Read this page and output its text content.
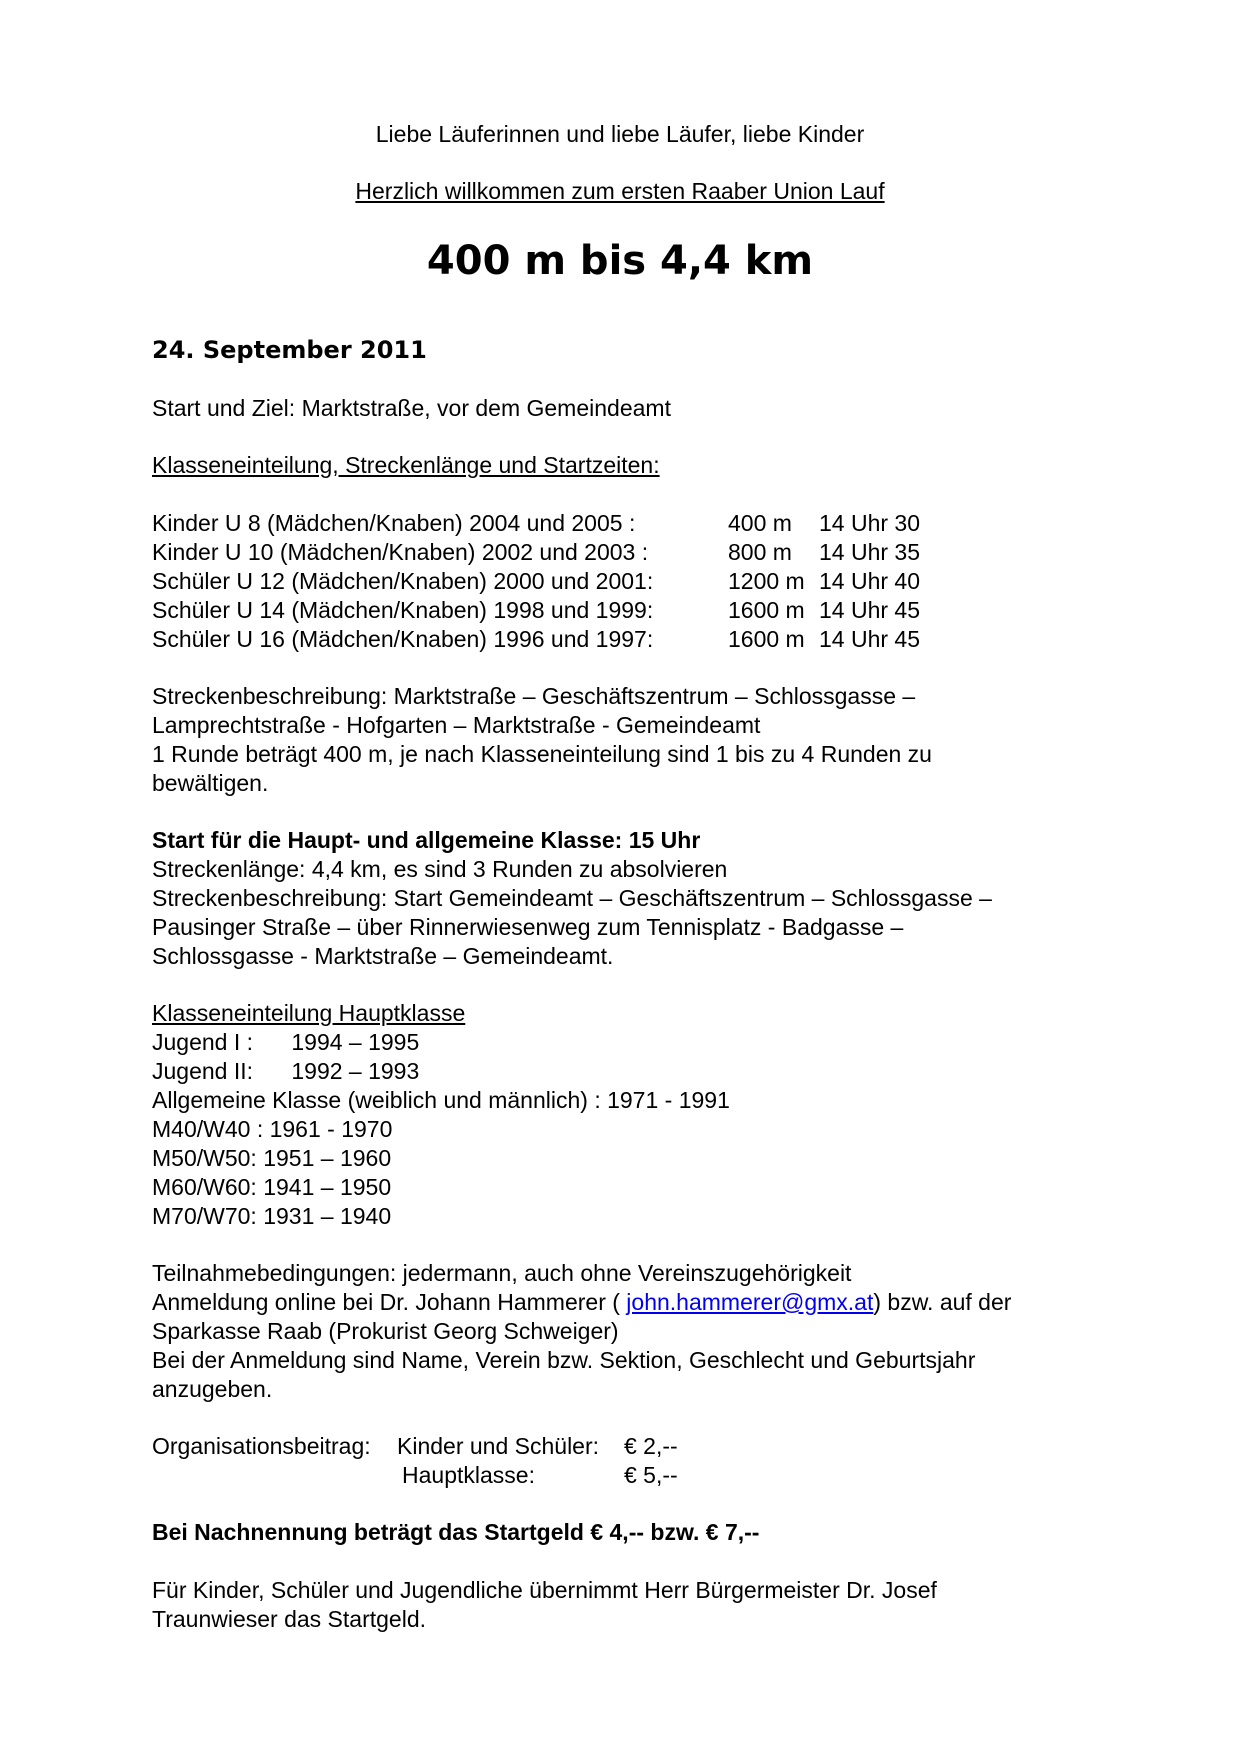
Liebe Läuferinnen und liebe Läufer, liebe Kinder
Herzlich willkommen zum ersten Raaber Union Lauf
400 m bis 4,4 km
24. September 2011
Start und Ziel: Marktstraße, vor dem Gemeindeamt
Klasseneinteilung, Streckenlänge und Startzeiten:
Kinder U 8 (Mädchen/Knaben) 2004 und 2005 :	400 m 14 Uhr 30
Kinder U 10 (Mädchen/Knaben) 2002 und 2003 :	800 m 14 Uhr 35
Schüler U 12 (Mädchen/Knaben) 2000 und 2001:	1200 m 14 Uhr 40
Schüler U 14 (Mädchen/Knaben) 1998 und 1999:	1600 m 14 Uhr 45
Schüler U 16 (Mädchen/Knaben) 1996 und 1997:	1600 m 14 Uhr 45
Streckenbeschreibung: Marktstraße – Geschäftszentrum – Schlossgasse –
Lamprechtstraße - Hofgarten – Marktstraße - Gemeindeamt
1 Runde beträgt 400 m, je nach Klasseneinteilung sind 1 bis zu 4 Runden zu
bewältigen.
Start für die Haupt- und allgemeine Klasse: 15 Uhr
Streckenlänge: 4,4 km, es sind 3 Runden zu absolvieren
Streckenbeschreibung: Start Gemeindeamt – Geschäftszentrum – Schlossgasse –
Pausinger Straße – über Rinnerwiesenweg zum Tennisplatz - Badgasse –
Schlossgasse - Marktstraße – Gemeindeamt.
Klasseneinteilung Hauptklasse
Jugend I :      1994 – 1995
Jugend II:      1992 – 1993
Allgemeine Klasse (weiblich und männlich) : 1971 - 1991
M40/W40 : 1961 - 1970
M50/W50: 1951 – 1960
M60/W60: 1941 – 1950
M70/W70: 1931 – 1940
Teilnahmebedingungen: jedermann, auch ohne Vereinszugehörigkeit
Anmeldung online bei Dr. Johann Hammerer ( john.hammerer@gmx.at) bzw. auf der
Sparkasse Raab (Prokurist Georg Schweiger)
Bei der Anmeldung sind Name, Verein bzw. Sektion, Geschlecht und Geburtsjahr
anzugeben.
Organisationsbeitrag: Kinder und Schüler: € 2,--
Hauptklasse:	€ 5,--
Bei Nachnennung beträgt das Startgeld € 4,-- bzw. € 7,--
Für Kinder, Schüler und Jugendliche übernimmt Herr Bürgermeister Dr. Josef
Traunwieser das Startgeld.
